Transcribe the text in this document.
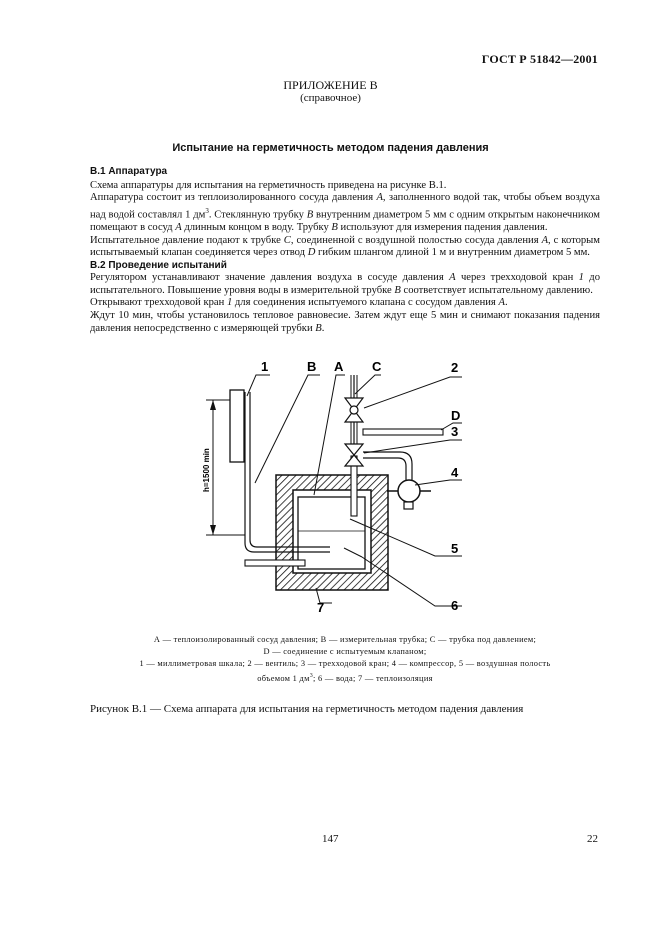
ГОСТ Р 51842—2001
ПРИЛОЖЕНИЕ В
(справочное)
Испытание на герметичность методом падения давления

В.1 Аппаратура

Схема аппаратуры для испытания на герметичность приведена на рисунке В.1.

Аппаратура состоит из теплоизолированного сосуда давления А, заполненного водой так, чтобы объем воздуха над водой составлял 1 $дм^3$. Стеклянную трубку В внутренним диаметром 5 мм с одним открытым наконечником помещают в сосуд А длинным концом в воду. Трубку В используют для измерения падения давления.

Испытательное давление подают к трубке С, соединенной с воздушной полостью сосуда давления А, с которым испытываемый клапан соединяется через отвод D гибким шлангом длиной 1 м и внутренним диаметром 5 мм.

В.2 Проведение испытаний

Регулятором устанавливают значение давления воздуха в сосуде давления А через трехходовой кран 1 до испытательного. Повышение уровня воды в измерительной трубке В соответствует испытательному давлению.

Открывают трехходовой кран 1 для соединения испытуемого клапана с сосудом давления А.

Ждут 10 мин, чтобы установилось тепловое равновесие. Затем ждут еще 5 мин и снимают показания падения давления непосредственно с измеряющей трубки В.

1	B A C	2
D
3
4
5
6
7
h=1500 min
А — теплоизолированный сосуд давления; В — измерительная трубка; С — трубка под давлением;
D — соединение с испытуемым клапаном;
1 — миллиметровая шкала; 2 — вентиль; 3 — трехходовой кран; 4 — компрессор, 5 — воздушная полость
объемом 1 $дм^3$; 6 — вода; 7 — теплоизоляция
Рисунок В.1 — Схема аппарата для испытания на герметичность методом падения давления
147	22
